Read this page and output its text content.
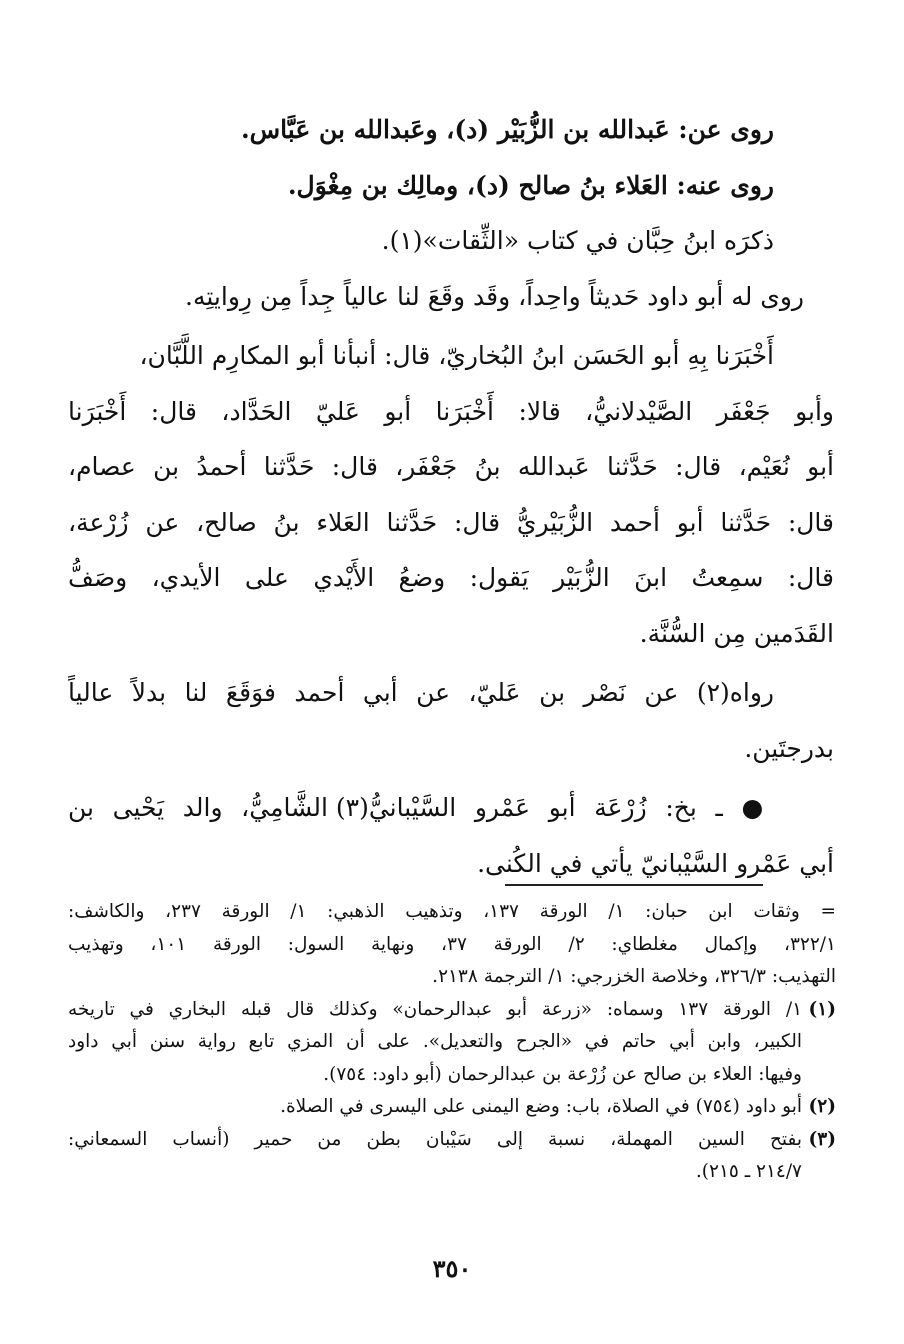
روى عن: عَبدالله بن الزُّبَيْر (د)، وعَبدالله بن عَبَّاس.
روى عنه: العَلاء بنُ صالح (د)، ومالِك بن مِغْوَل.
ذكرَه ابنُ حِبَّان في كتاب «الثِّقات»(١).
روى له أبو داود حَديثاً واحِداً، وقَد وقَعَ لنا عالياً جِداً مِن رِوايتِه.
أَخْبَرَنا بِهِ أبو الحَسَن ابنُ البُخاريّ، قال: أنبأنا أبو المكارِم اللَّبَّان،
وأبو جَعْفَر الصَّيْدلانيُّ، قالا: أَخْبَرَنا أبو عَليّ الحَدَّاد، قال: أَخْبَرَنا
أبو نُعَيْم، قال: حَدَّثنا عَبدالله بنُ جَعْفَر، قال: حَدَّثنا أحمدُ بن عصام،
قال: حَدَّثنا أبو أحمد الزُّبَيْريُّ قال: حَدَّثنا العَلاء بنُ صالح، عن زُرْعة،
قال: سمِعتُ ابنَ الزُّبَيْر يَقول: وضعُ الأَيْدي على الأيدي، وصَفُّ
القَدَمين مِن السُّنَّة.
رواه(٢) عن نَصْر بن عَليّ، عن أبي أحمد فوَقَعَ لنا بدلاً عالياً
بدرجتَين.
● ـ بخ: زُرْعَة أبو عَمْرو السَّيْبانيُّ(٣) الشَّامِيُّ، والد يَحْيى بن
أبي عَمْرو السَّيْبانيّ يأتي في الكُنى.
= وثقات ابن حبان: ١/ الورقة ١٣٧، وتذهيب الذهبي: ١/ الورقة ٢٣٧، والكاشف:
٣٢٢/١، وإكمال مغلطاي: ٢/ الورقة ٣٧، ونهاية السول: الورقة ١٠١، وتهذيب
التهذيب: ٣٢٦/٣، وخلاصة الخزرجي: ١/ الترجمة ٢١٣٨.
(١)
١/ الورقة ١٣٧ وسماه: «زرعة أبو عبدالرحمان» وكذلك قال قبله البخاري في تاريخه
الكبير، وابن أبي حاتم في «الجرح والتعديل». على أن المزي تابع رواية سنن أبي داود
وفيها: العلاء بن صالح عن زُرْعة بن عبدالرحمان (أبو داود: ٧٥٤).
(٢)
أبو داود (٧٥٤) في الصلاة، باب: وضع اليمنى على اليسرى في الصلاة.
(٣)
بفتح السين المهملة، نسبة إلى سَيْبان بطن من حمير (أنساب السمعاني:
٢١٤/٧ ـ ٢١٥).
٣٥٠
